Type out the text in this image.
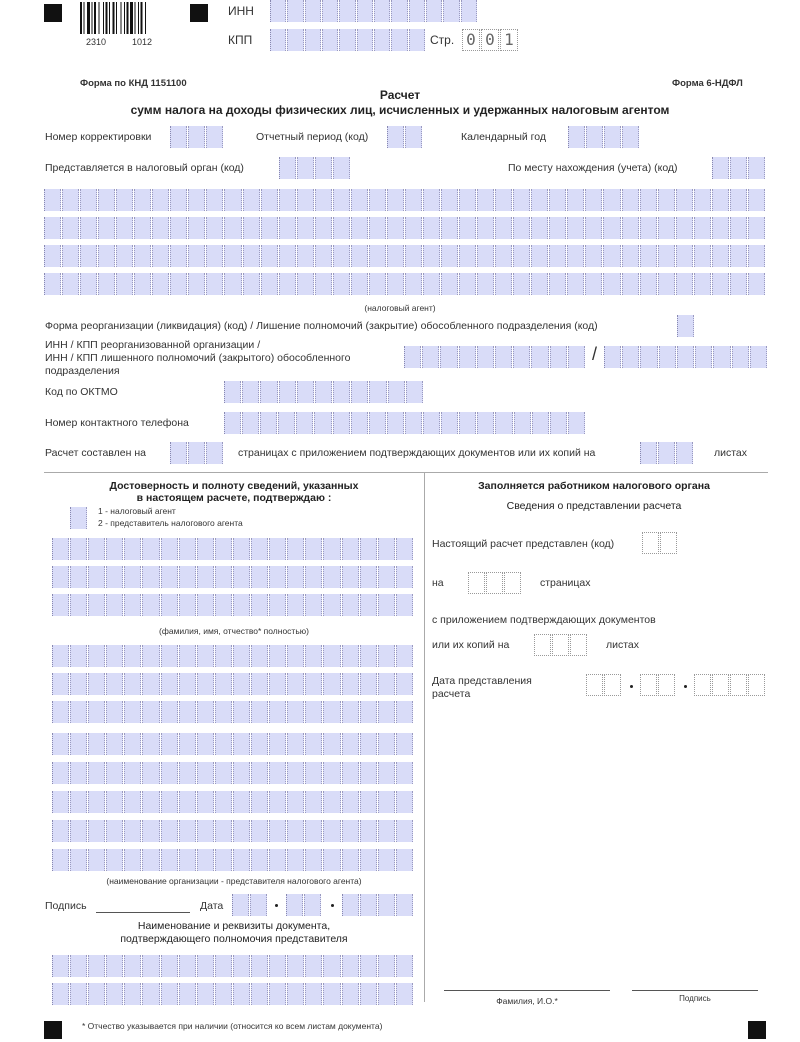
2310	1012
ИНН
КПП	Стр. 0 0 1
Форма по КНД 1151100	Форма 6-НДФЛ
Расчет
сумм налога на доходы физических лиц, исчисленных и удержанных налоговым агентом
Номер корректировки	Отчетный период (код)	Календарный год
Представляется в налоговый орган (код)	По месту нахождения (учета) (код)
(налоговый агент)
Форма реорганизации (ликвидация) (код) / Лишение полномочий (закрытие) обособленного подразделения (код)
ИНН / КПП реорганизованной организации /
ИНН / КПП лишенного полномочий (закрытого) обособленного
подразделения
/
Код по ОКТМО
Номер контактного телефона
Расчет составлен на	страницах с приложением подтверждающих документов или их копий на	листах
Достоверность и полноту сведений, указанных
в настоящем расчете, подтверждаю :
1 - налоговый агент
2 - представитель налогового агента
(фамилия, имя, отчество* полностью)
(наименование организации - представителя налогового агента)
Подпись	Дата
Наименование и реквизиты документа,
подтверждающего полномочия представителя
Заполняется работником налогового органа
Сведения о представлении расчета
Настоящий расчет представлен (код)
на	страницах
с приложением подтверждающих документов
или их копий на	листах
Дата представления
расчета
Фамилия, И.О.*	Подпись
* Отчество указывается при наличии (относится ко всем листам документа)
